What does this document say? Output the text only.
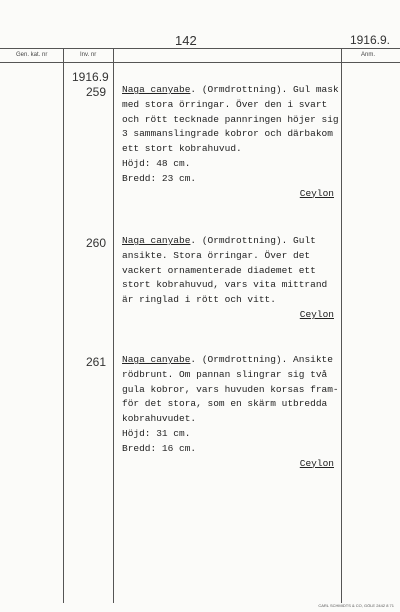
142	1916.9.
Gen. kat. nr	Inv. nr	Anm.
1916.9
259 Naga canyabe. (Ormdrottning). Gul mask
med stora örringar. Över den i svart
och rött tecknade pannringen höjer sig
3 sammanslingrade kobror och därbakom
ett stort kobrahuvud.
Höjd: 48 cm.
Bredd: 23 cm.
Ceylon
260 Naga canyabe. (Ormdrottning). Gult
ansikte. Stora örringar. Över det
vackert ornamenterade diademet ett
stort kobrahuvud, vars vita mittrand
är ringlad i rött och vitt.
Ceylon
261 Naga canyabe. (Ormdrottning). Ansikte
rödbrunt. Om pannan slingrar sig två
gula kobror, vars huvuden korsas fram-
för det stora, som en skärm utbredda
kobrahuvudet.
Höjd: 31 cm.
Bredd: 16 cm.
Ceylon
CARL SCHMIDTS & CO, GÖLE 2442 8 71
